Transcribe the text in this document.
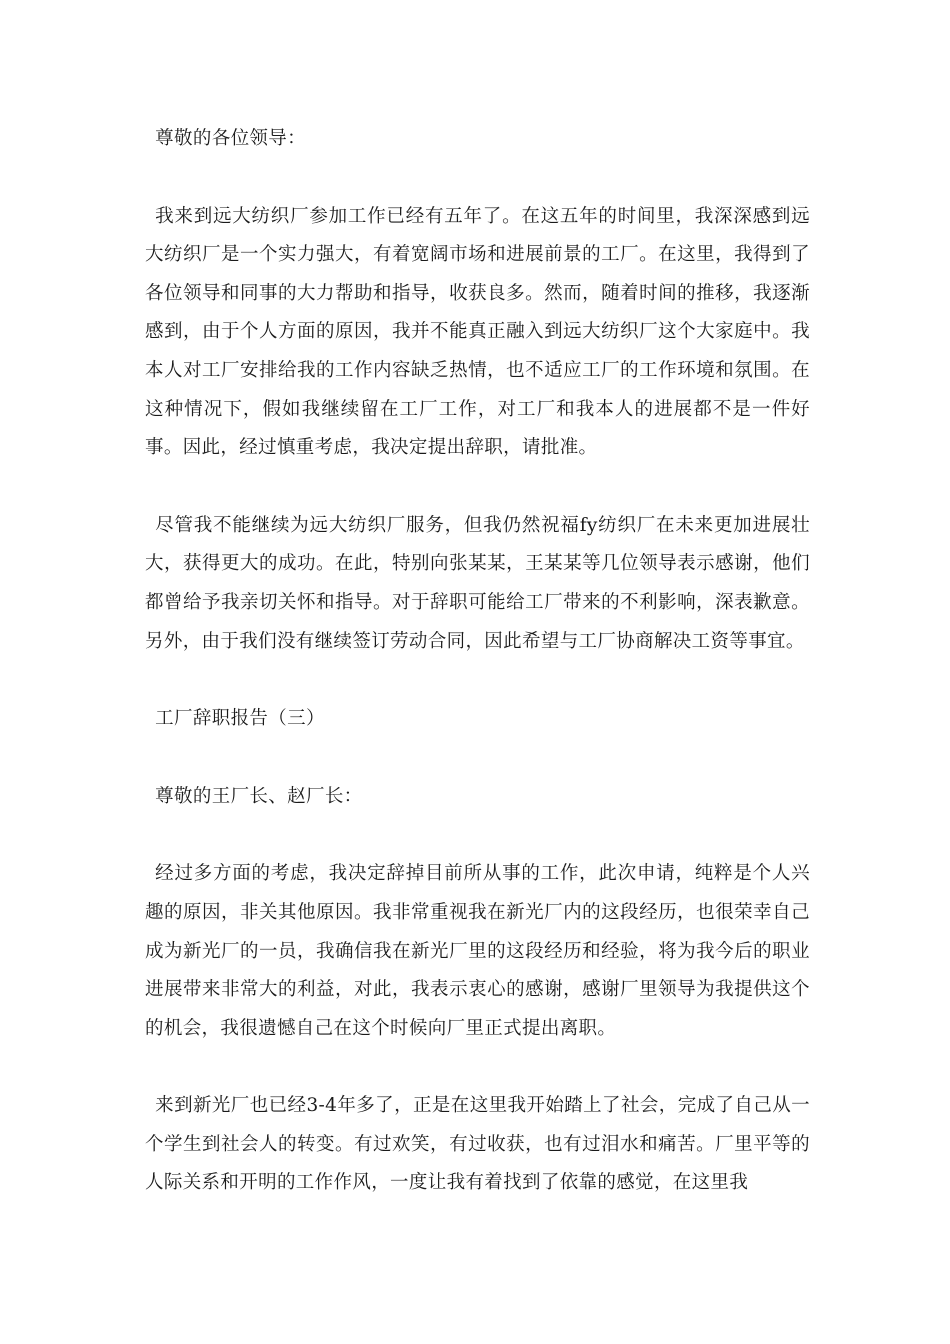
尊敬的各位领导：

我来到远大纺织厂参加工作已经有五年了。在这五年的时间里，我深深感到远大纺织厂是一个实力强大，有着宽阔市场和进展前景的工厂。在这里，我得到了各位领导和同事的大力帮助和指导，收获良多。然而，随着时间的推移，我逐渐感到，由于个人方面的原因，我并不能真正融入到远大纺织厂这个大家庭中。我本人对工厂安排给我的工作内容缺乏热情，也不适应工厂的工作环境和氛围。在这种情况下，假如我继续留在工厂工作，对工厂和我本人的进展都不是一件好事。因此，经过慎重考虑，我决定提出辞职，请批准。

尽管我不能继续为远大纺织厂服务，但我仍然祝福fy纺织厂在未来更加进展壮大，获得更大的成功。在此，特别向张某某，王某某等几位领导表示感谢，他们都曾给予我亲切关怀和指导。对于辞职可能给工厂带来的不利影响，深表歉意。另外，由于我们没有继续签订劳动合同，因此希望与工厂协商解决工资等事宜。

工厂辞职报告（三）

尊敬的王厂长、赵厂长：

经过多方面的考虑，我决定辞掉目前所从事的工作，此次申请，纯粹是个人兴趣的原因，非关其他原因。我非常重视我在新光厂内的这段经历，也很荣幸自己成为新光厂的一员，我确信我在新光厂里的这段经历和经验，将为我今后的职业进展带来非常大的利益，对此，我表示衷心的感谢，感谢厂里领导为我提供这个的机会，我很遗憾自己在这个时候向厂里正式提出离职。

来到新光厂也已经3-4年多了，正是在这里我开始踏上了社会，完成了自己从一个学生到社会人的转变。有过欢笑，有过收获，也有过泪水和痛苦。厂里平等的人际关系和开明的工作作风，一度让我有着找到了依靠的感觉，在这里我
